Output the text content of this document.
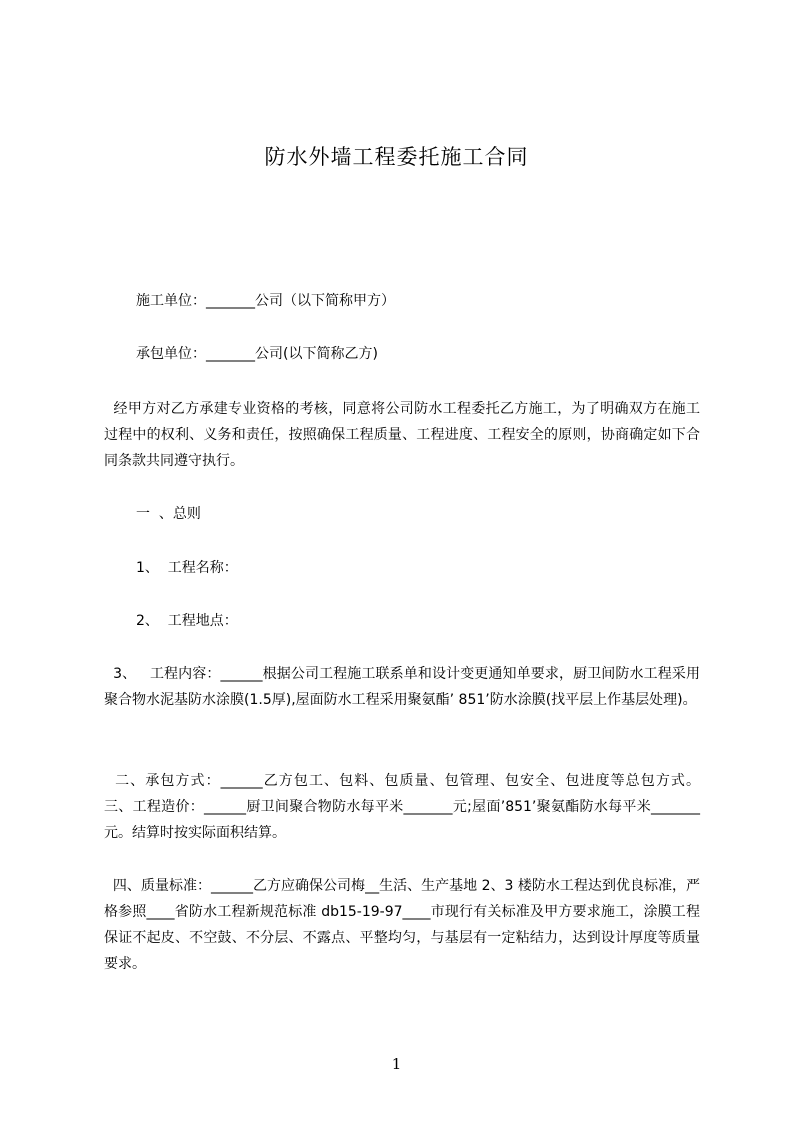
防水外墙工程委托施工合同
施工单位：_______公司（以下简称甲方）
承包单位：_______公司(以下简称乙方)
经甲方对乙方承建专业资格的考核，同意将公司防水工程委托乙方施工，为了明确双方在施工过程中的权利、义务和责任，按照确保工程质量、工程进度、工程安全的原则，协商确定如下合同条款共同遵守执行。
一  、总则
1、  工程名称：
2、  工程地点：
3、   工程内容：______根据公司工程施工联系单和设计变更通知单要求，厨卫间防水工程采用聚合物水泥基防水涂膜(1.5厚),屋面防水工程采用聚氨酯’ 851’防水涂膜(找平层上作基层处理)。
二、承包方式：______乙方包工、包料、包质量、包管理、包安全、包进度等总包方式。   三、工程造价：______厨卫间聚合物防水每平米_______元;屋面’851’聚氨酯防水每平米_______元。结算时按实际面积结算。
四、质量标准：______乙方应确保公司梅__生活、生产基地 2、3 楼防水工程达到优良标准，严格参照____省防水工程新规范标准 db15-19-97____市现行有关标准及甲方要求施工，涂膜工程保证不起皮、不空鼓、不分层、不露点、平整均匀，与基层有一定粘结力，达到设计厚度等质量要求。
1
